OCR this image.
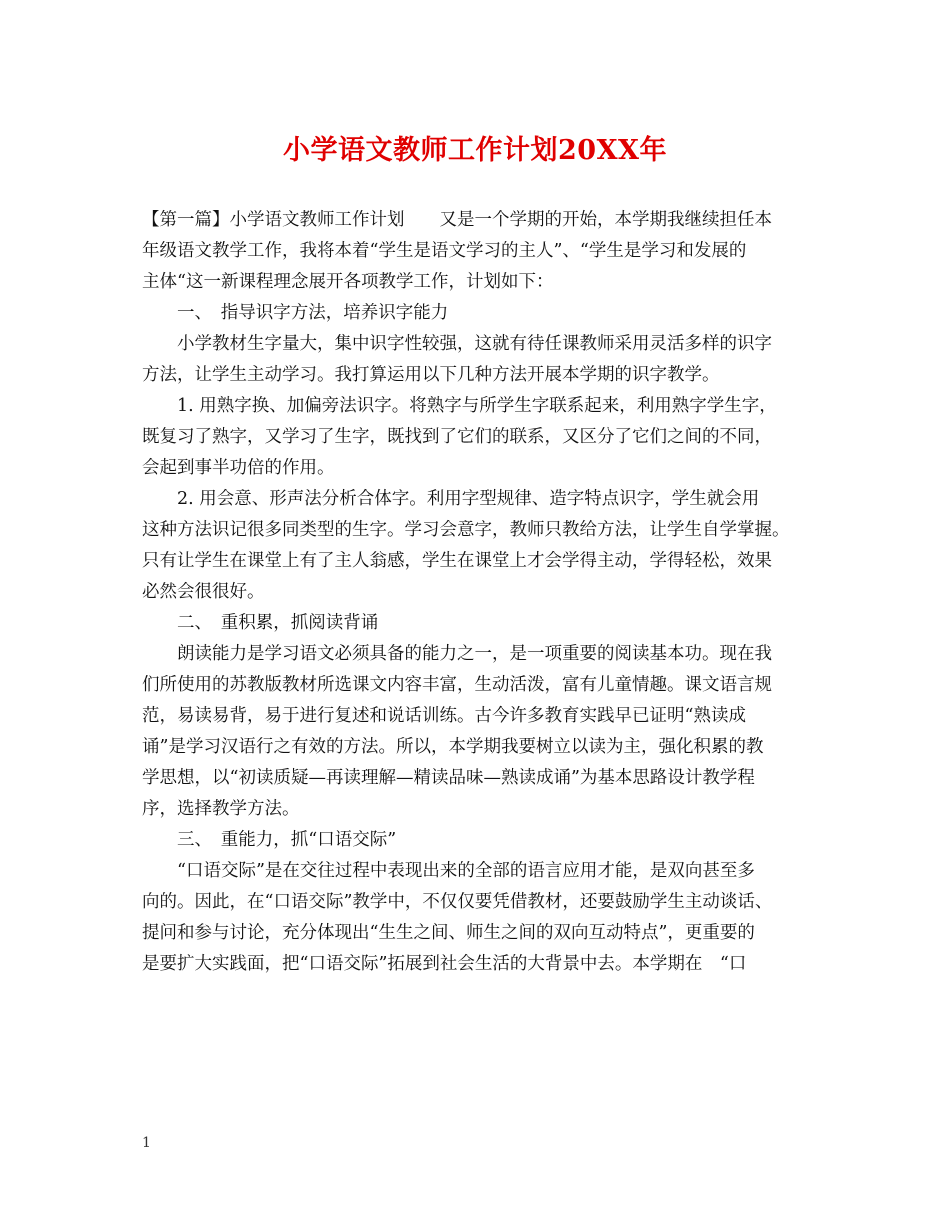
小学语文教师工作计划20XX年
【第一篇】小学语文教师工作计划　　又是一个学期的开始，本学期我继续担任本
年级语文教学工作，我将本着“学生是语文学习的主人”、“学生是学习和发展的
主体“这一新课程理念展开各项教学工作，计划如下：
　　一、　指导识字方法，培养识字能力
　　小学教材生字量大，集中识字性较强，这就有待任课教师采用灵活多样的识字
方法，让学生主动学习。我打算运用以下几种方法开展本学期的识字教学。
　　1. 用熟字换、加偏旁法识字。将熟字与所学生字联系起来，利用熟字学生字，
既复习了熟字，又学习了生字，既找到了它们的联系，又区分了它们之间的不同，
会起到事半功倍的作用。
　　2. 用会意、形声法分析合体字。利用字型规律、造字特点识字，学生就会用
这种方法识记很多同类型的生字。学习会意字，教师只教给方法，让学生自学掌握。
只有让学生在课堂上有了主人翁感，学生在课堂上才会学得主动，学得轻松，效果
必然会很很好。
　　二、　重积累，抓阅读背诵
　　朗读能力是学习语文必须具备的能力之一，是一项重要的阅读基本功。现在我
们所使用的苏教版教材所选课文内容丰富，生动活泼，富有儿童情趣。课文语言规
范，易读易背，易于进行复述和说话训练。古今许多教育实践早已证明“熟读成
诵”是学习汉语行之有效的方法。所以，本学期我要树立以读为主，强化积累的教
学思想，以“初读质疑—再读理解—精读品味—熟读成诵”为基本思路设计教学程
序，选择教学方法。
　　三、　重能力，抓“口语交际”
　　“口语交际”是在交往过程中表现出来的全部的语言应用才能，是双向甚至多
向的。因此，在“口语交际”教学中，不仅仅要凭借教材，还要鼓励学生主动谈话、
提问和参与讨论，充分体现出“生生之间、师生之间的双向互动特点”，更重要的
是要扩大实践面，把“口语交际”拓展到社会生活的大背景中去。本学期在　“口
1
